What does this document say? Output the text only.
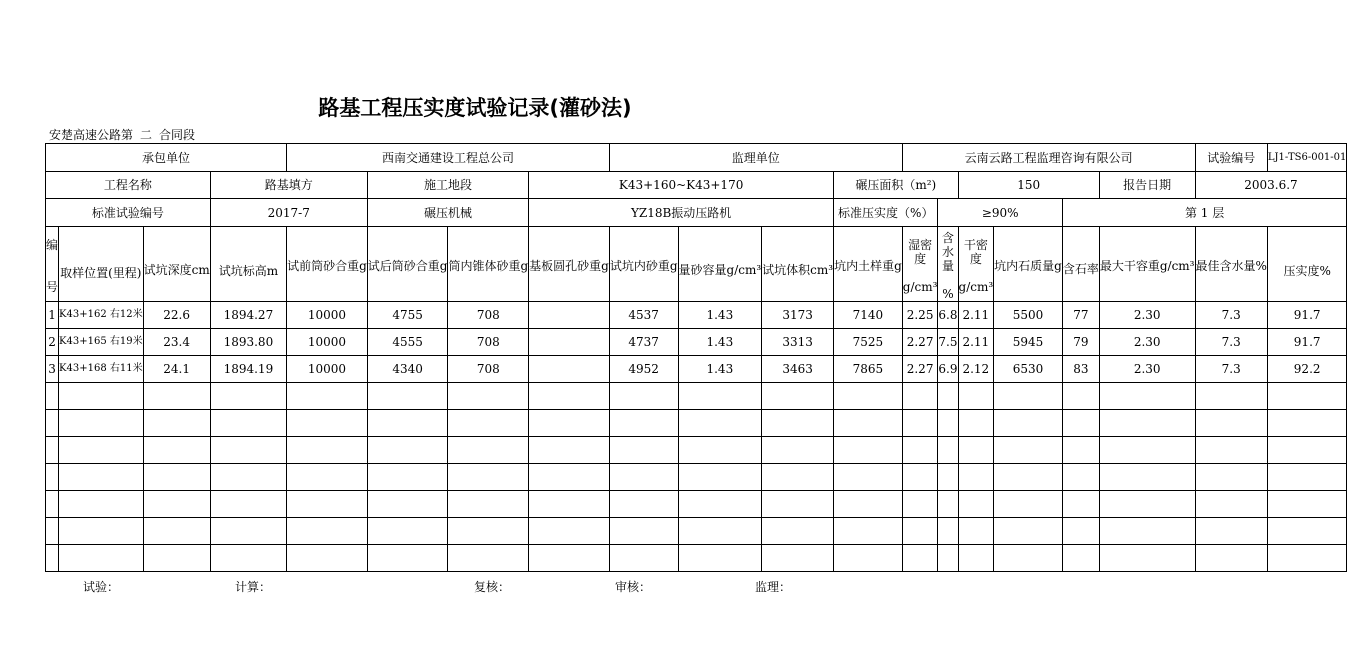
路基工程压实度试验记录(灌砂法)
安楚高速公路第 二 合同段
承包单位				西南交通建设工程总公司				监理单位				云南云路工程监理咨询有限公司						试验编号	LJ1-TS6-001-01
工程名称			路基填方		施工地段		K43+160~K43+170				碾压面积（m²)			150			报告日期	2003.6.7	
标准试验编号			2017-7		碾压机械		YZ18B振动压路机				标准压实度（%）		≥90%			第 1 层			
编

号	取样位置(里程)	试坑深度cm	试坑标高m	试前筒砂合重g	试后筒砂合重g	筒内锥体砂重g	基板圆孔砂重g	试坑内砂重g	量砂容量g/cm³	试坑体积cm³	坑内土样重g	湿密度

g/cm³	含水量

%	干密度

g/cm³	坑内石质量g	含石率	最大干容重g/cm³	最佳含水量%	压实度%
1	K43+162 右12米	22.6	1894.27	10000	4755	708		4537	1.43	3173	7140	2.25	6.8	2.11	5500	77	2.30	7.3	91.7
2	K43+165 右19米	23.4	1893.80	10000	4555	708		4737	1.43	3313	7525	2.27	7.5	2.11	5945	79	2.30	7.3	91.7
3	K43+168 右11米	24.1	1894.19	10000	4340	708		4952	1.43	3463	7865	2.27	6.9	2.12	6530	83	2.30	7.3	92.2

试验：	计算：	复核：	审核：	监理：
